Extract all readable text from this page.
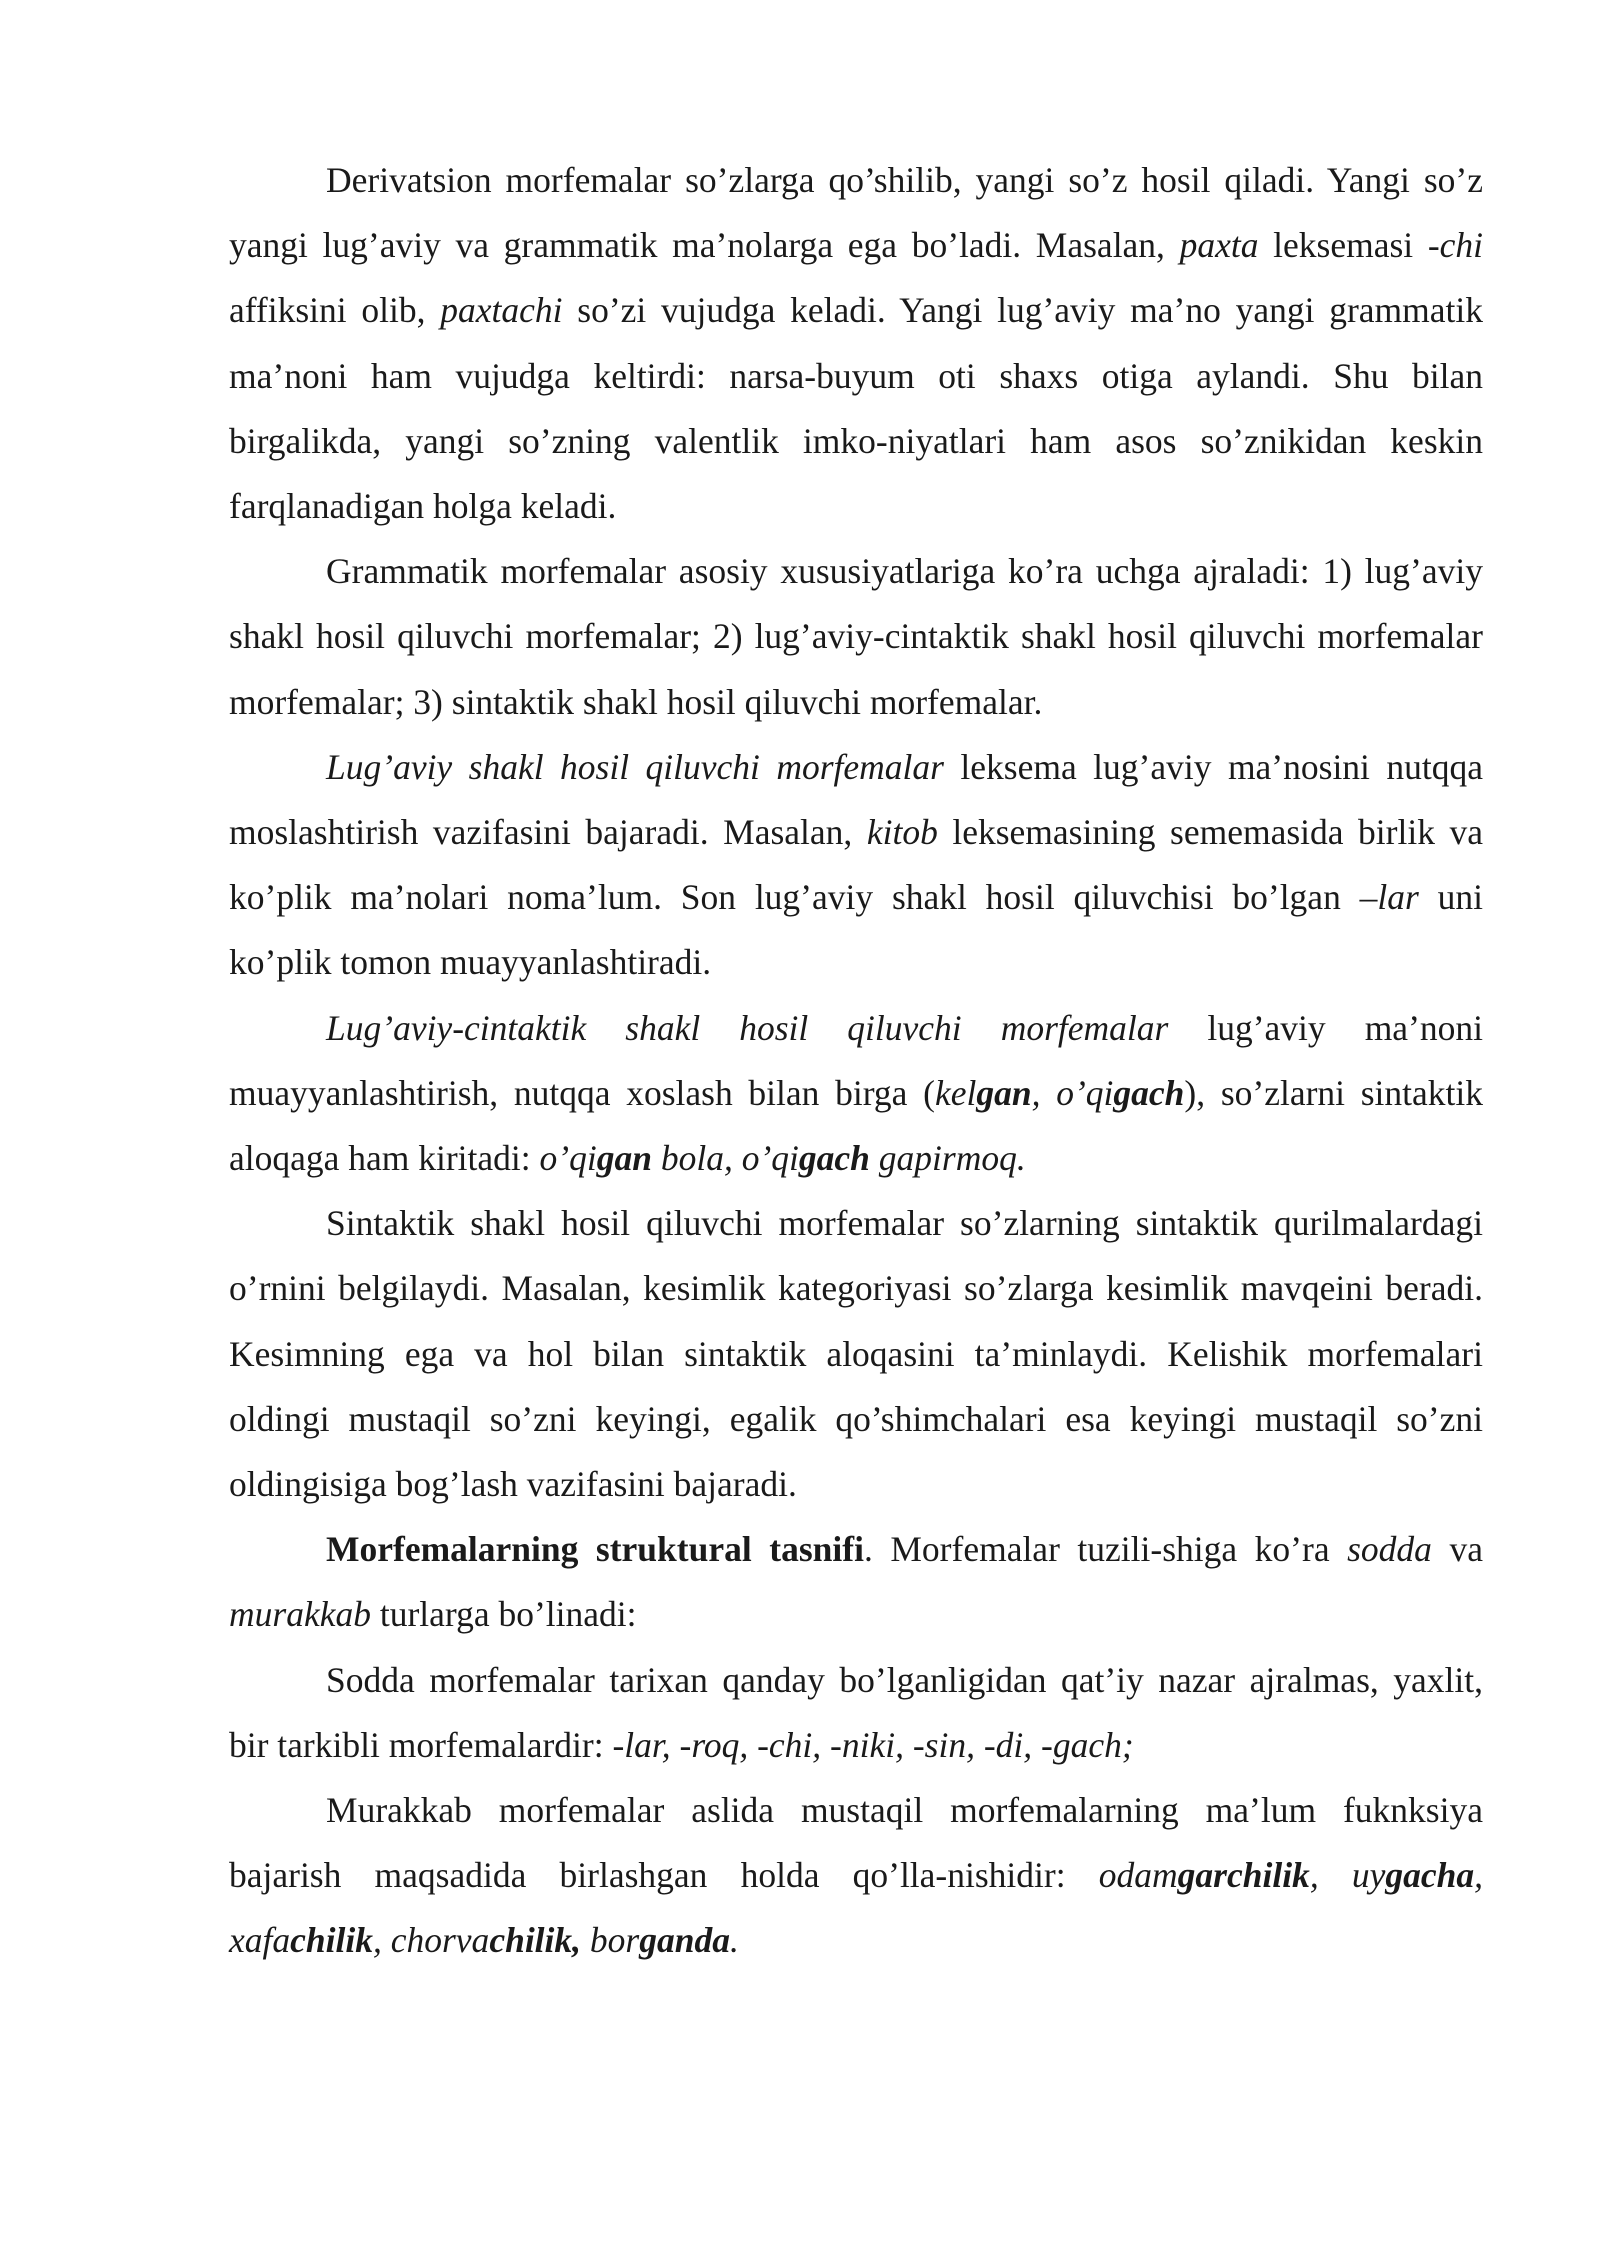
Derivatsion morfemalar so’zlarga qo’shilib, yangi so’z hosil qiladi. Yangi so’z yangi lug’aviy va grammatik ma’nolarga ega bo’ladi. Masalan, paxta leksemasi -chi affiksini olib, paxtachi so’zi vujudga keladi. Yangi lug’aviy ma’no yangi grammatik ma’noni ham vujudga keltirdi: narsa-buyum oti shaxs otiga aylandi. Shu bilan birgalikda, yangi so’zning valentlik imko-niyatlari ham asos so’znikidan keskin farqlanadigan holga keladi.

Grammatik morfemalar asosiy xususiyatlariga ko’ra uchga ajraladi: 1) lug’aviy shakl hosil qiluvchi morfemalar; 2) lug’aviy-cintaktik shakl hosil qiluvchi morfemalar morfemalar; 3) sintaktik shakl hosil qiluvchi morfemalar.

Lug’aviy shakl hosil qiluvchi morfemalar leksema lug’aviy ma’nosini nutqqa moslashtirish vazifasini bajaradi. Masalan, kitob leksemasining sememasida birlik va ko’plik ma’nolari noma’lum. Son lug’aviy shakl hosil qiluvchisi bo’lgan –lar uni ko’plik tomon muayyanlashtiradi.

Lug’aviy-cintaktik shakl hosil qiluvchi morfemalar lug’aviy ma’noni muayyanlashtirish, nutqqa xoslash bilan birga (kelgan, o’qigach), so’zlarni sintaktik aloqaga ham kiritadi: o’qigan bola, o’qigach gapirmoq.

Sintaktik shakl hosil qiluvchi morfemalar so’zlarning sintaktik qurilmalardagi o’rnini belgilaydi. Masalan, kesimlik kategoriyasi so’zlarga kesimlik mavqeini beradi. Kesimning ega va hol bilan sintaktik aloqasini ta’minlaydi. Kelishik morfemalari oldingi mustaqil so’zni keyingi, egalik qo’shimchalari esa keyingi mustaqil so’zni oldingisiga bog’lash vazifasini bajaradi.

Morfemalarning struktural tasnifi. Morfemalar tuzili-shiga ko’ra sodda va murakkab turlarga bo’linadi:

Sodda morfemalar tarixan qanday bo’lganligidan qat’iy nazar ajralmas, yaxlit, bir tarkibli morfemalardir: -lar, -roq, -chi, -niki, -sin, -di, -gach;

Murakkab morfemalar aslida mustaqil morfemalarning ma’lum fuknksiya bajarish maqsadida birlashgan holda qo’lla-nishidir: odamgarchilik, uygacha, xafachilik, chorvachilik, borganda.
